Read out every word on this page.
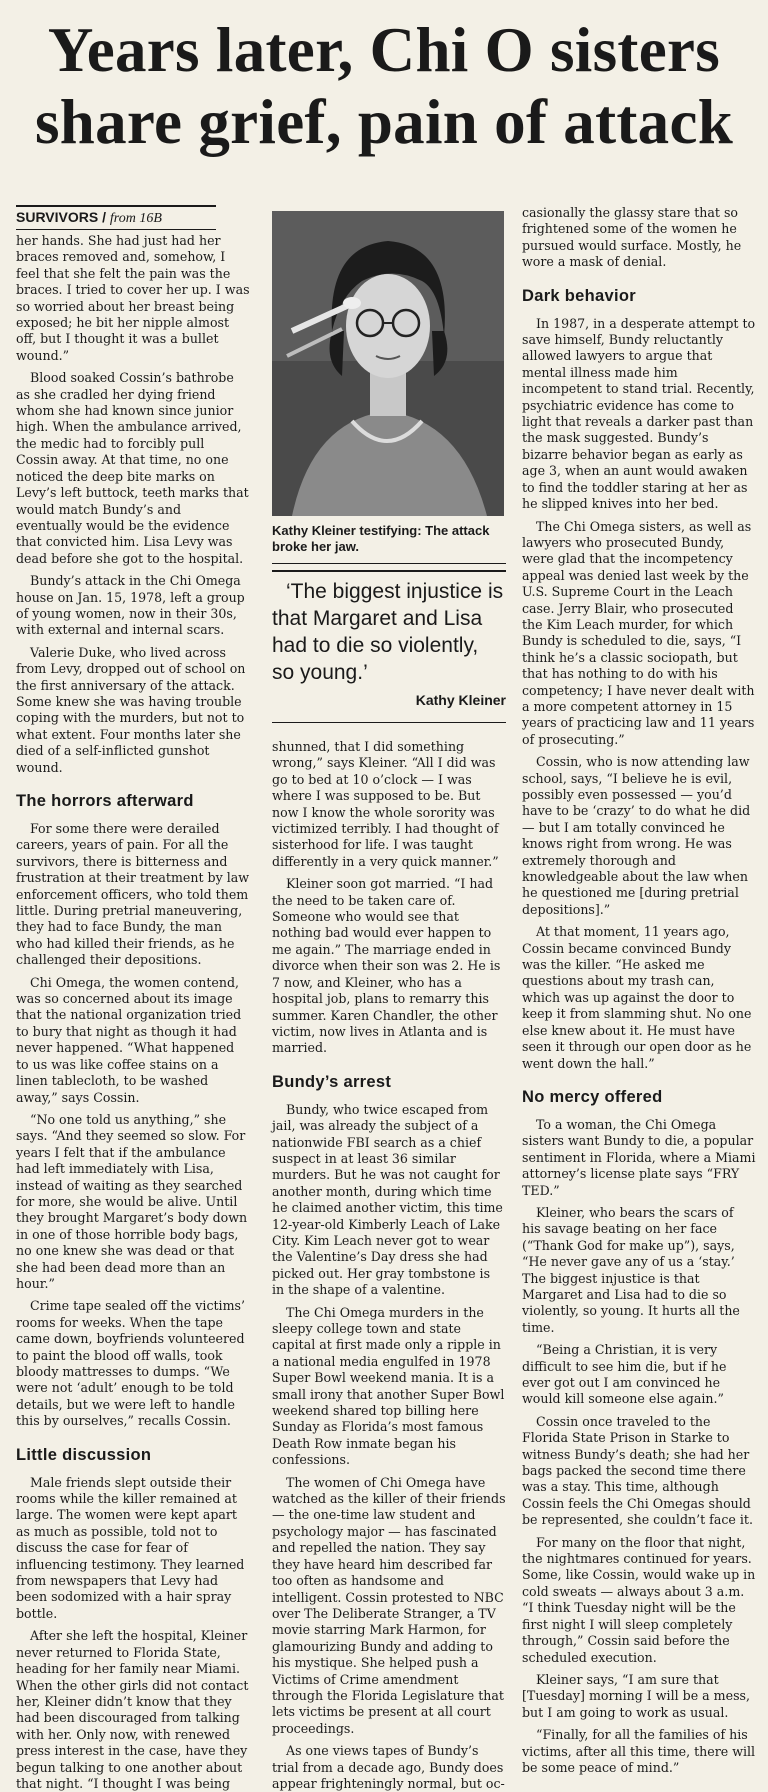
Years later, Chi O sisters share grief, pain of attack
SURVIVORS / from 16B

her hands. She had just had her braces removed and, somehow, I feel that she felt the pain was the braces. I tried to cover her up. I was so worried about her breast being exposed; he bit her nipple almost off, but I thought it was a bullet wound.”

Blood soaked Cossin’s bathrobe as she cradled her dying friend whom she had known since junior high. When the ambulance arrived, the medic had to forcibly pull Cossin away. At that time, no one noticed the deep bite marks on Levy’s left buttock, teeth marks that would match Bundy’s and eventually would be the evidence that convicted him. Lisa Levy was dead before she got to the hospital.

Bundy’s attack in the Chi Omega house on Jan. 15, 1978, left a group of young women, now in their 30s, with external and internal scars.

Valerie Duke, who lived across from Levy, dropped out of school on the first anniversary of the attack. Some knew she was having trouble coping with the murders, but not to what extent. Four months later she died of a self-inflicted gunshot wound.

The horrors afterward

For some there were derailed careers, years of pain. For all the survivors, there is bitterness and frustration at their treatment by law enforcement officers, who told them little. During pretrial maneuvering, they had to face Bundy, the man who had killed their friends, as he challenged their depositions.

Chi Omega, the women contend, was so concerned about its image that the national organization tried to bury that night as though it had never happened. “What happened to us was like coffee stains on a linen tablecloth, to be washed away,” says Cossin.

“No one told us anything,” she says. “And they seemed so slow. For years I felt that if the ambulance had left immediately with Lisa, instead of waiting as they searched for more, she would be alive. Until they brought Margaret’s body down in one of those horrible body bags, no one knew she was dead or that she had been dead more than an hour.”

Crime tape sealed off the victims’ rooms for weeks. When the tape came down, boyfriends volunteered to paint the blood off walls, took bloody mattresses to dumps. “We were not ‘adult’ enough to be told details, but we were left to handle this by ourselves,” recalls Cossin.

Little discussion

Male friends slept outside their rooms while the killer remained at large. The women were kept apart as much as possible, told not to discuss the case for fear of influencing testimony. They learned from newspapers that Levy had been sodomized with a hair spray bottle.

After she left the hospital, Kleiner never returned to Florida State, heading for her family near Miami. When the other girls did not contact her, Kleiner didn’t know that they had been discouraged from talking with her. Only now, with renewed press interest in the case, have they begun talking to one another about that night. “I thought I was being

Kathy Kleiner testifying: The attack broke her jaw.

‘The biggest injustice is that Margaret and Lisa had to die so violently, so young.’

Kathy Kleiner

shunned, that I did something wrong,” says Kleiner. “All I did was go to bed at 10 o’clock — I was where I was supposed to be. But now I know the whole sorority was victimized terribly. I had thought of sisterhood for life. I was taught differently in a very quick manner.”

Kleiner soon got married. “I had the need to be taken care of. Someone who would see that nothing bad would ever happen to me again.” The marriage ended in divorce when their son was 2. He is 7 now, and Kleiner, who has a hospital job, plans to remarry this summer. Karen Chandler, the other victim, now lives in Atlanta and is married.

Bundy’s arrest

Bundy, who twice escaped from jail, was already the subject of a nationwide FBI search as a chief suspect in at least 36 similar murders. But he was not caught for another month, during which time he claimed another victim, this time 12-year-old Kimberly Leach of Lake City. Kim Leach never got to wear the Valentine’s Day dress she had picked out. Her gray tombstone is in the shape of a valentine.

The Chi Omega murders in the sleepy college town and state capital at first made only a ripple in a national media engulfed in 1978 Super Bowl weekend mania. It is a small irony that another Super Bowl weekend shared top billing here Sunday as Florida’s most famous Death Row inmate began his confessions.

The women of Chi Omega have watched as the killer of their friends — the one-time law student and psychology major — has fascinated and repelled the nation. They say they have heard him described far too often as handsome and intelligent. Cossin protested to NBC over The Deliberate Stranger, a TV movie starring Mark Harmon, for glamourizing Bundy and adding to his mystique. She helped push a Victims of Crime amendment through the Florida Legislature that lets victims be present at all court proceedings.

As one views tapes of Bundy’s trial from a decade ago, Bundy does appear frighteningly normal, but oc-

casionally the glassy stare that so frightened some of the women he pursued would surface. Mostly, he wore a mask of denial.

Dark behavior

In 1987, in a desperate attempt to save himself, Bundy reluctantly allowed lawyers to argue that mental illness made him incompetent to stand trial. Recently, psychiatric evidence has come to light that reveals a darker past than the mask suggested. Bundy’s bizarre behavior began as early as age 3, when an aunt would awaken to find the toddler staring at her as he slipped knives into her bed.

The Chi Omega sisters, as well as lawyers who prosecuted Bundy, were glad that the incompetency appeal was denied last week by the U.S. Supreme Court in the Leach case. Jerry Blair, who prosecuted the Kim Leach murder, for which Bundy is scheduled to die, says, “I think he’s a classic sociopath, but that has nothing to do with his competency; I have never dealt with a more competent attorney in 15 years of practicing law and 11 years of prosecuting.”

Cossin, who is now attending law school, says, “I believe he is evil, possibly even possessed — you’d have to be ‘crazy’ to do what he did — but I am totally convinced he knows right from wrong. He was extremely thorough and knowledgeable about the law when he questioned me [during pretrial depositions].”

At that moment, 11 years ago, Cossin became convinced Bundy was the killer. “He asked me questions about my trash can, which was up against the door to keep it from slamming shut. No one else knew about it. He must have seen it through our open door as he went down the hall.”

No mercy offered

To a woman, the Chi Omega sisters want Bundy to die, a popular sentiment in Florida, where a Miami attorney’s license plate says “FRY TED.”

Kleiner, who bears the scars of his savage beating on her face (“Thank God for make up”), says, “He never gave any of us a ‘stay.’ The biggest injustice is that Margaret and Lisa had to die so violently, so young. It hurts all the time.

“Being a Christian, it is very difficult to see him die, but if he ever got out I am convinced he would kill someone else again.”

Cossin once traveled to the Florida State Prison in Starke to witness Bundy’s death; she had her bags packed the second time there was a stay. This time, although Cossin feels the Chi Omegas should be represented, she couldn’t face it.

For many on the floor that night, the nightmares continued for years. Some, like Cossin, would wake up in cold sweats — always about 3 a.m. “I think Tuesday night will be the first night I will sleep completely through,” Cossin said before the scheduled execution.

Kleiner says, “I am sure that [Tuesday] morning I will be a mess, but I am going to work as usual.

“Finally, for all the families of his victims, after all this time, there will be some peace of mind.”
